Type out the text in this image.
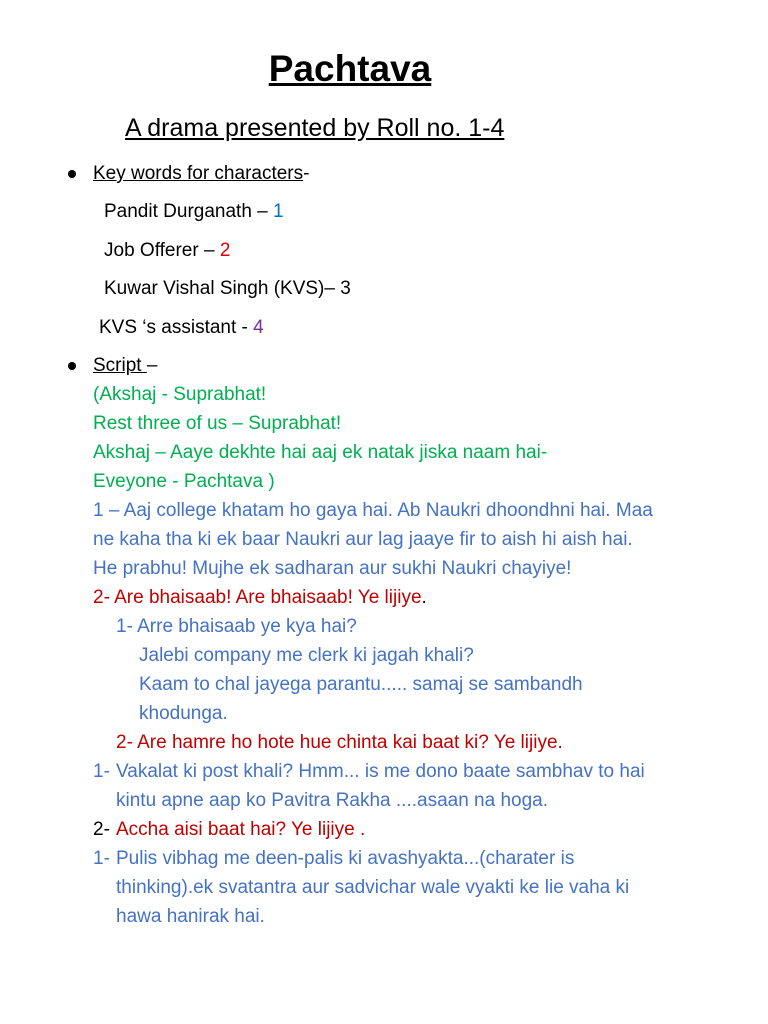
Pachtava
A drama presented by Roll no. 1-4
Key words for characters-
Pandit Durganath – 1
Job Offerer – 2
Kuwar Vishal Singh (KVS)– 3
KVS ‘s assistant - 4
Script –
(Akshaj - Suprabhat!
Rest three of us – Suprabhat!
Akshaj – Aaye dekhte hai aaj ek natak jiska naam hai-
Eveyone - Pachtava )
1 – Aaj college khatam ho gaya hai. Ab Naukri dhoondhni hai. Maa
ne kaha tha ki ek baar Naukri aur lag jaaye fir to aish hi aish hai.
He prabhu! Mujhe ek sadharan aur sukhi Naukri chayiye!
2- Are bhaisaab! Are bhaisaab! Ye lijiye.
1- Arre bhaisaab ye kya hai?
Jalebi company me clerk ki jagah khali?
Kaam to chal jayega parantu..... samaj se sambandh
khodunga.
2- Are hamre ho hote hue chinta kai baat ki? Ye lijiye.
1- Vakalat ki post khali? Hmm... is me dono baate sambhav to hai
kintu apne aap ko Pavitra Rakha ....asaan na hoga.
2- Accha aisi baat hai? Ye lijiye .
1- Pulis vibhag me deen-palis ki avashyakta...(charater is
thinking).ek svatantra aur sadvichar wale vyakti ke lie vaha ki
hawa hanirak hai.
